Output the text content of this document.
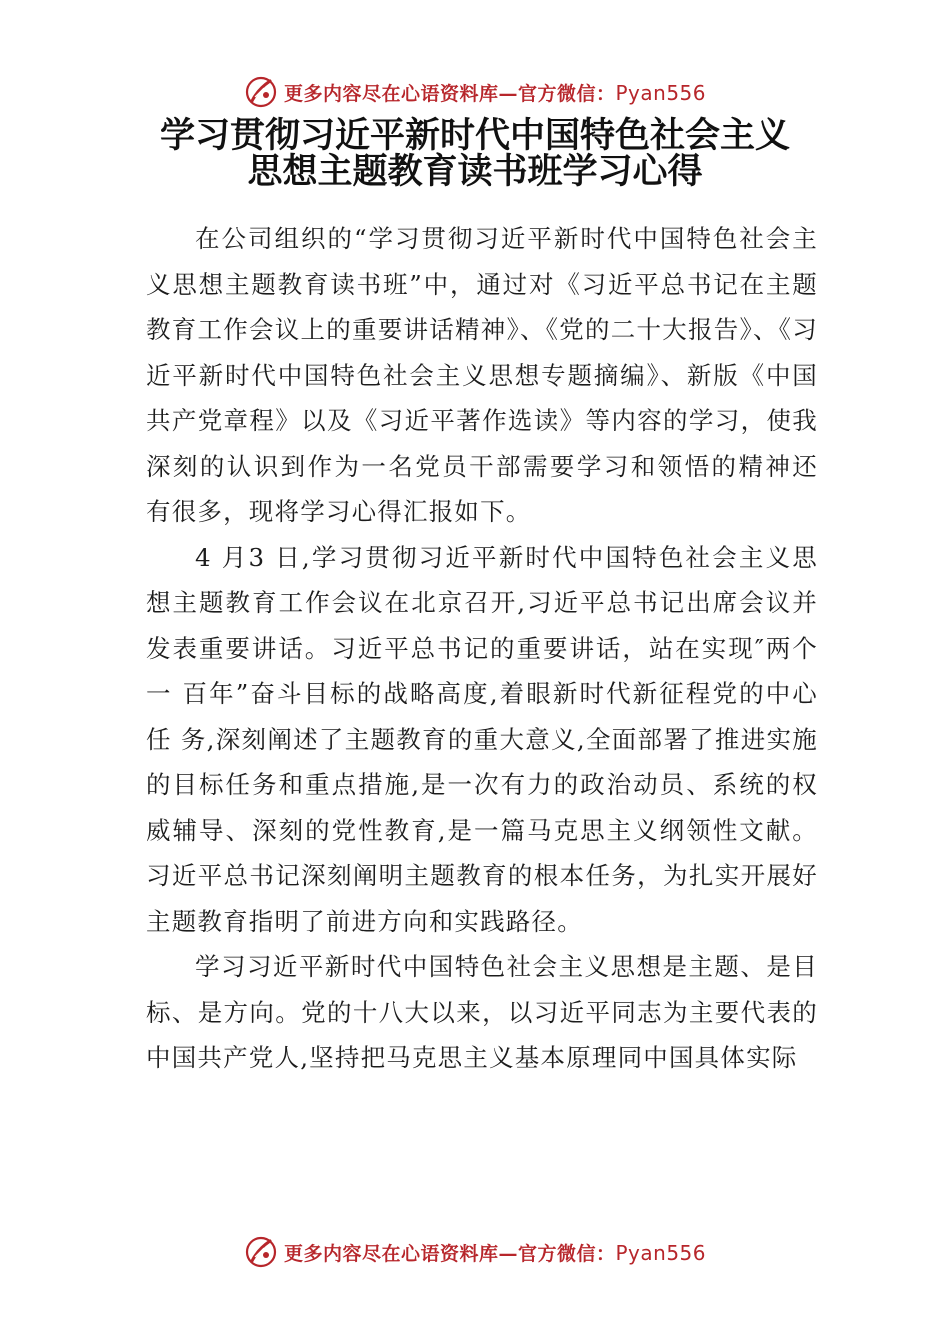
更多内容尽在心语资料库—官方微信：Pyan556
学习贯彻习近平新时代中国特色社会主义
思想主题教育读书班学习心得

在公司组织的“学习贯彻习近平新时代中国特色社会主义思想主题教育读书班”中，通过对《习近平总书记在主题教育工作会议上的重要讲话精神》、《党的二十大报告》、《习近平新时代中国特色社会主义思想专题摘编》、新版《中国 共产党章程》以及《习近平著作选读》等内容的学习，使我深刻的认识到作为一名党员干部需要学习和领悟的精神还 有很多，现将学习心得汇报如下。

4 月3 日,学习贯彻习近平新时代中国特色社会主义思想主题教育工作会议在北京召开,习近平总书记出席会议并发表重要讲话。习近平总书记的重要讲话，站在实现″两个一 百年”奋斗目标的战略高度,着眼新时代新征程党的中心任 务,深刻阐述了主题教育的重大意义,全面部署了推进实施 的目标任务和重点措施,是一次有力的政治动员、系统的权 威辅导、深刻的党性教育,是一篇马克思主义纲领性文献。 习近平总书记深刻阐明主题教育的根本任务，为扎实开展好主题教育指明了前进方向和实践路径。

学习习近平新时代中国特色社会主义思想是主题、是目标、是方向。党的十八大以来，以习近平同志为主要代表的中国共产党人,坚持把马克思主义基本原理同中国具体实际

更多内容尽在心语资料库—官方微信：Pyan556
